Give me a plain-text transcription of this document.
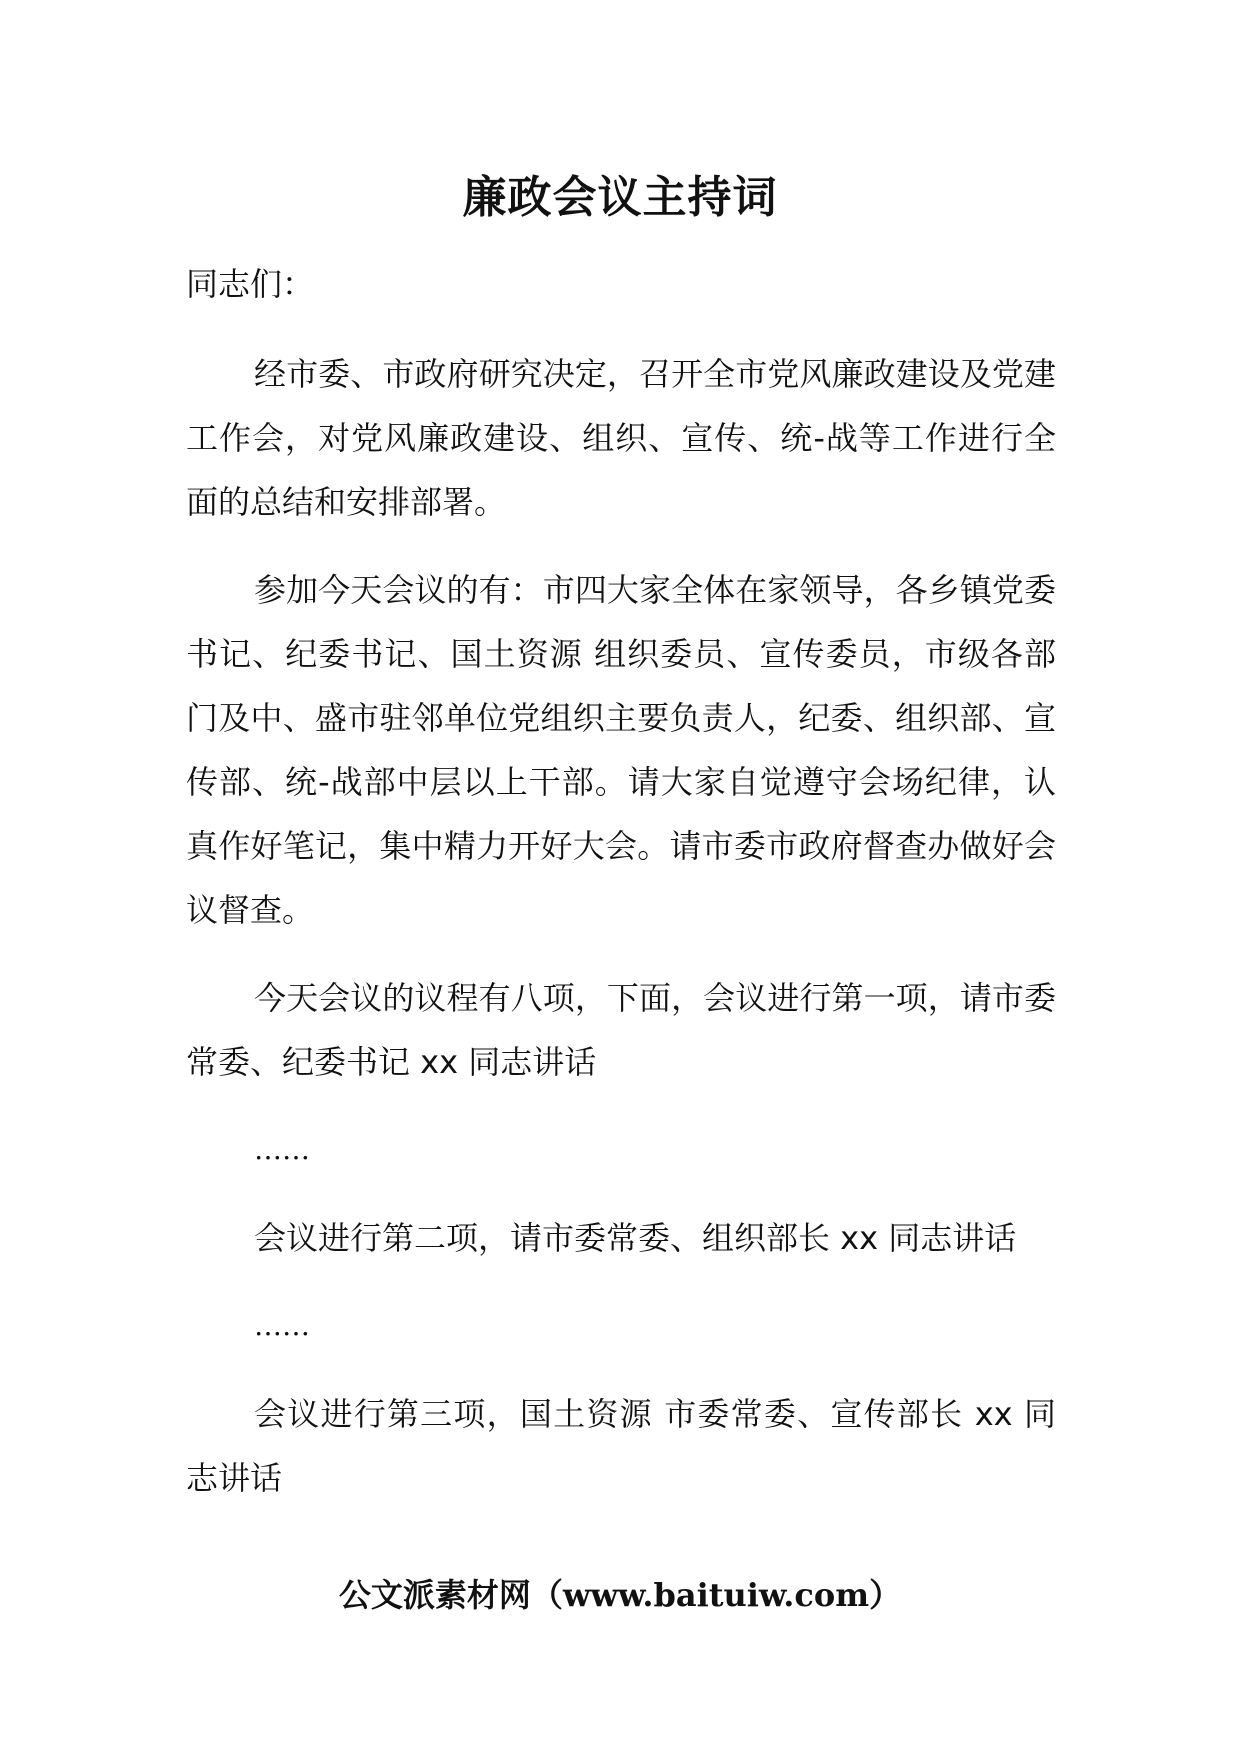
廉政会议主持词

同志们：

经市委、市政府研究决定，召开全市党风廉政建设及党建工作会，对党风廉政建设、组织、宣传、统-战等工作进行全面的总结和安排部署。

参加今天会议的有：市四大家全体在家领导，各乡镇党委书记、纪委书记、国土资源 组织委员、宣传委员，市级各部门及中、盛市驻邻单位党组织主要负责人，纪委、组织部、宣传部、统-战部中层以上干部。请大家自觉遵守会场纪律，认真作好笔记，集中精力开好大会。请市委市政府督查办做好会议督查。

今天会议的议程有八项，下面，会议进行第一项，请市委常委、纪委书记 xx 同志讲话

……

会议进行第二项，请市委常委、组织部长 xx 同志讲话

……

会议进行第三项，国土资源 市委常委、宣传部长 xx 同志讲话

公文派素材网（www.baituiw.com）
